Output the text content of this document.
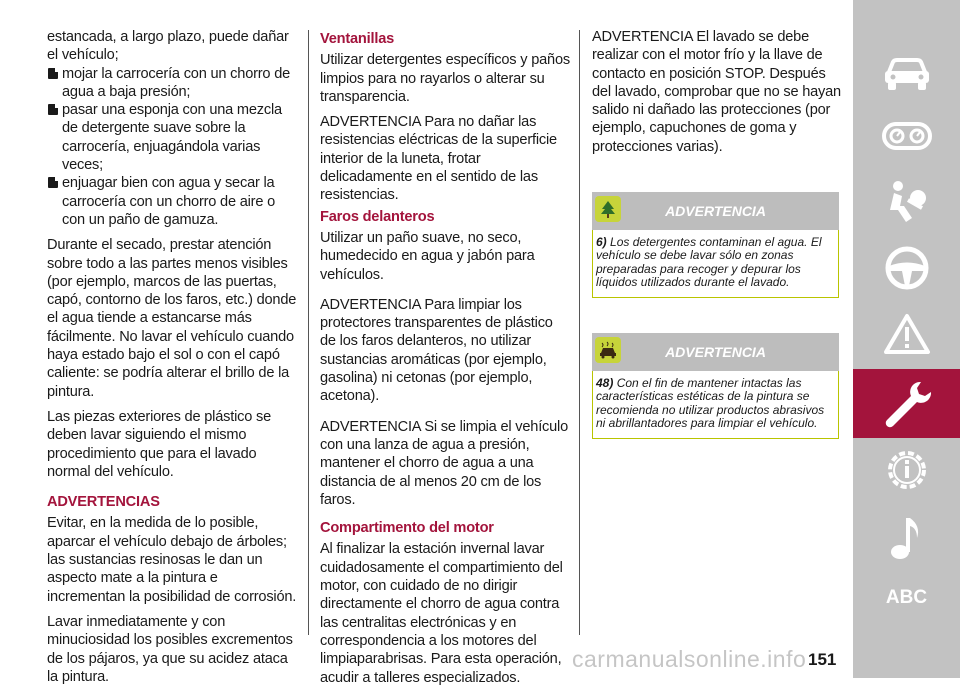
estancada, a largo plazo, puede dañar el vehículo;

mojar la carrocería con un chorro de agua a baja presión;
pasar una esponja con una mezcla de detergente suave sobre la carrocería, enjuagándola varias veces;
enjuagar bien con agua y secar la carrocería con un chorro de aire o con un paño de gamuza.

Durante el secado, prestar atención sobre todo a las partes menos visibles (por ejemplo, marcos de las puertas, capó, contorno de los faros, etc.) donde el agua tiende a estancarse más fácilmente. No lavar el vehículo cuando haya estado bajo el sol o con el capó caliente: se podría alterar el brillo de la pintura.

Las piezas exteriores de plástico se deben lavar siguiendo el mismo procedimiento que para el lavado normal del vehículo.

ADVERTENCIAS

Evitar, en la medida de lo posible, aparcar el vehículo debajo de árboles; las sustancias resinosas le dan un aspecto mate a la pintura e incrementan la posibilidad de corrosión.

Lavar inmediatamente y con minuciosidad los posibles excrementos de los pájaros, ya que su acidez ataca la pintura.

Ventanillas

Utilizar detergentes específicos y paños limpios para no rayarlos o alterar su transparencia.

ADVERTENCIA Para no dañar las resistencias eléctricas de la superficie interior de la luneta, frotar delicadamente en el sentido de las resistencias.

Faros delanteros

Utilizar un paño suave, no seco, humedecido en agua y jabón para vehículos.

ADVERTENCIA Para limpiar los protectores transparentes de plástico de los faros delanteros, no utilizar sustancias aromáticas (por ejemplo, gasolina) ni cetonas (por ejemplo, acetona).

ADVERTENCIA Si se limpia el vehículo con una lanza de agua a presión, mantener el chorro de agua a una distancia de al menos 20 cm de los faros.

Compartimento del motor

Al finalizar la estación invernal lavar cuidadosamente el compartimiento del motor, con cuidado de no dirigir directamente el chorro de agua contra las centralitas electrónicas y en correspondencia a los motores del limpiaparabrisas. Para esta operación, acudir a talleres especializados.

ADVERTENCIA El lavado se debe realizar con el motor frío y la llave de contacto en posición STOP. Después del lavado, comprobar que no se hayan salido ni dañado las protecciones (por ejemplo, capuchones de goma y protecciones varias).

ADVERTENCIA
6) Los detergentes contaminan el agua. El vehículo se debe lavar sólo en zonas preparadas para recoger y depurar los líquidos utilizados durante el lavado.
ADVERTENCIA
48) Con el fin de mantener intactas las características estéticas de la pintura se recomienda no utilizar productos abrasivos ni abrillantadores para limpiar el vehículo.
ABC
carmanualsonline.info 151
